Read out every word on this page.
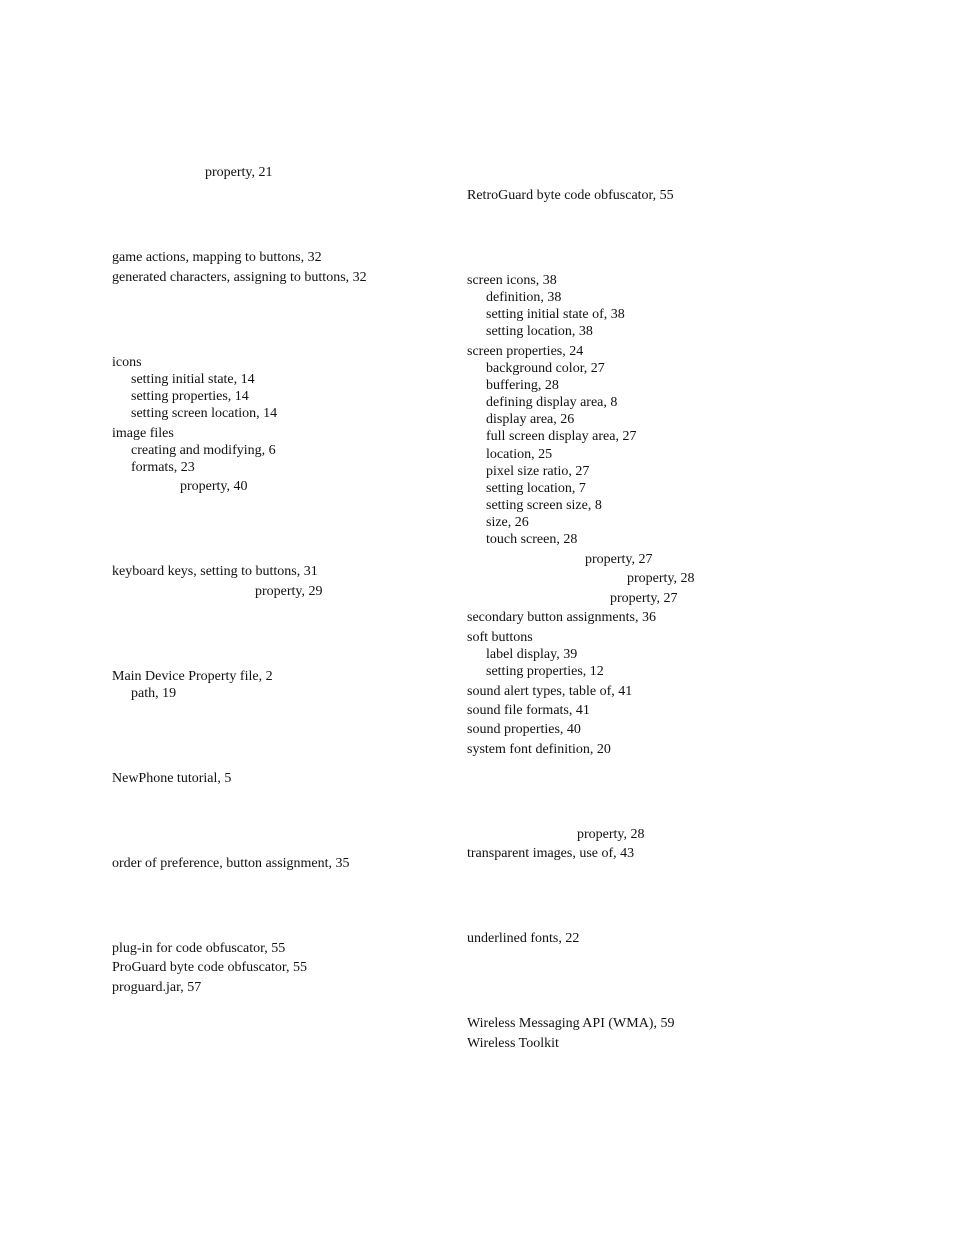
property, 21
game actions, mapping to buttons, 32
generated characters, assigning to buttons, 32
icons
setting initial state, 14
setting properties, 14
setting screen location, 14
image files
creating and modifying, 6
formats, 23
property, 40
keyboard keys, setting to buttons, 31
property, 29
Main Device Property file, 2
path, 19
NewPhone tutorial, 5
order of preference, button assignment, 35
plug-in for code obfuscator, 55
ProGuard byte code obfuscator, 55
proguard.jar, 57
RetroGuard byte code obfuscator, 55
screen icons, 38
definition, 38
setting initial state of, 38
setting location, 38
screen properties, 24
background color, 27
buffering, 28
defining display area, 8
display area, 26
full screen display area, 27
location, 25
pixel size ratio, 27
setting location, 7
setting screen size, 8
size, 26
touch screen, 28
property, 27
property, 28
property, 27
secondary button assignments, 36
soft buttons
label display, 39
setting properties, 12
sound alert types, table of, 41
sound file formats, 41
sound properties, 40
system font definition, 20
property, 28
transparent images, use of, 43
underlined fonts, 22
Wireless Messaging API (WMA), 59
Wireless Toolkit
